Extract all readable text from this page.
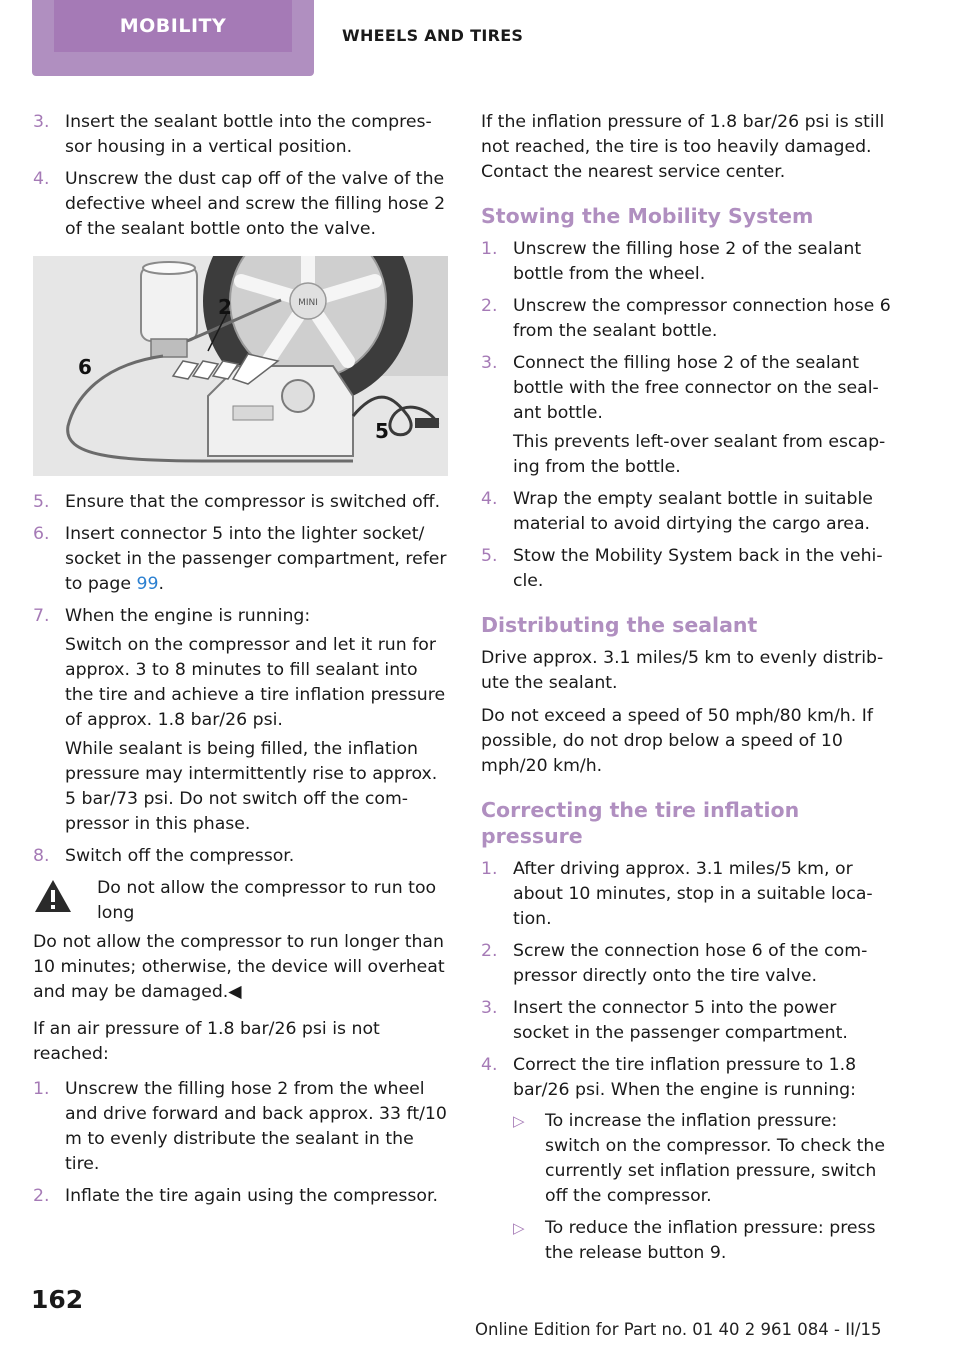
MOBILITY	WHEELS AND TIRES
3. Insert the sealant bottle into the compres‐ sor housing in a vertical position.
4. Unscrew the dust cap off of the valve of the defective wheel and screw the filling hose 2 of the sealant bottle onto the valve.
MINI
2
6
5
5. Ensure that the compressor is switched off.
6. Insert connector 5 into the lighter socket/ socket in the passenger compartment, refer to page 99.
7. When the engine is running:

Switch on the compressor and let it run for approx. 3 to 8 minutes to fill sealant into the tire and achieve a tire inflation pressure of approx. 1.8 bar/26 psi.

While sealant is being filled, the inflation pressure may intermittently rise to approx. 5 bar/73 psi. Do not switch off the com‐ pressor in this phase.

8. Switch off the compressor.
Do not allow the compressor to run too long

Do not allow the compressor to run longer than 10 minutes; otherwise, the device will overheat and may be damaged.◀

If an air pressure of 1.8 bar/26 psi is not reached:

1. Unscrew the filling hose 2 from the wheel and drive forward and back approx. 33 ft/10 m to evenly distribute the sealant in the tire.
2. Inflate the tire again using the compressor.

If the inflation pressure of 1.8 bar/26 psi is still not reached, the tire is too heavily damaged. Contact the nearest service center.

Stowing the Mobility System
1. Unscrew the filling hose 2 of the sealant bottle from the wheel.
2. Unscrew the compressor connection hose 6 from the sealant bottle.
3. Connect the filling hose 2 of the sealant bottle with the free connector on the seal‐ ant bottle.

This prevents left-over sealant from escap‐ ing from the bottle.

4. Wrap the empty sealant bottle in suitable material to avoid dirtying the cargo area.
5. Stow the Mobility System back in the vehi‐ cle.
Distributing the sealant

Drive approx. 3.1 miles/5 km to evenly distrib‐ ute the sealant.

Do not exceed a speed of 50 mph/80 km/h. If possible, do not drop below a speed of 10 mph/20 km/h.

Correcting the tire inflation pressure
1. After driving approx. 3.1 miles/5 km, or about 10 minutes, stop in a suitable loca‐ tion.
2. Screw the connection hose 6 of the com‐ pressor directly onto the tire valve.
3. Insert the connector 5 into the power socket in the passenger compartment.
4. Correct the tire inflation pressure to 1.8 bar/26 psi. When the engine is running:
▷ To increase the inflation pressure: switch on the compressor. To check the currently set inflation pressure, switch off the compressor.
▷ To reduce the inflation pressure: press the release button 9.
162
Online Edition for Part no. 01 40 2 961 084 - II/15
